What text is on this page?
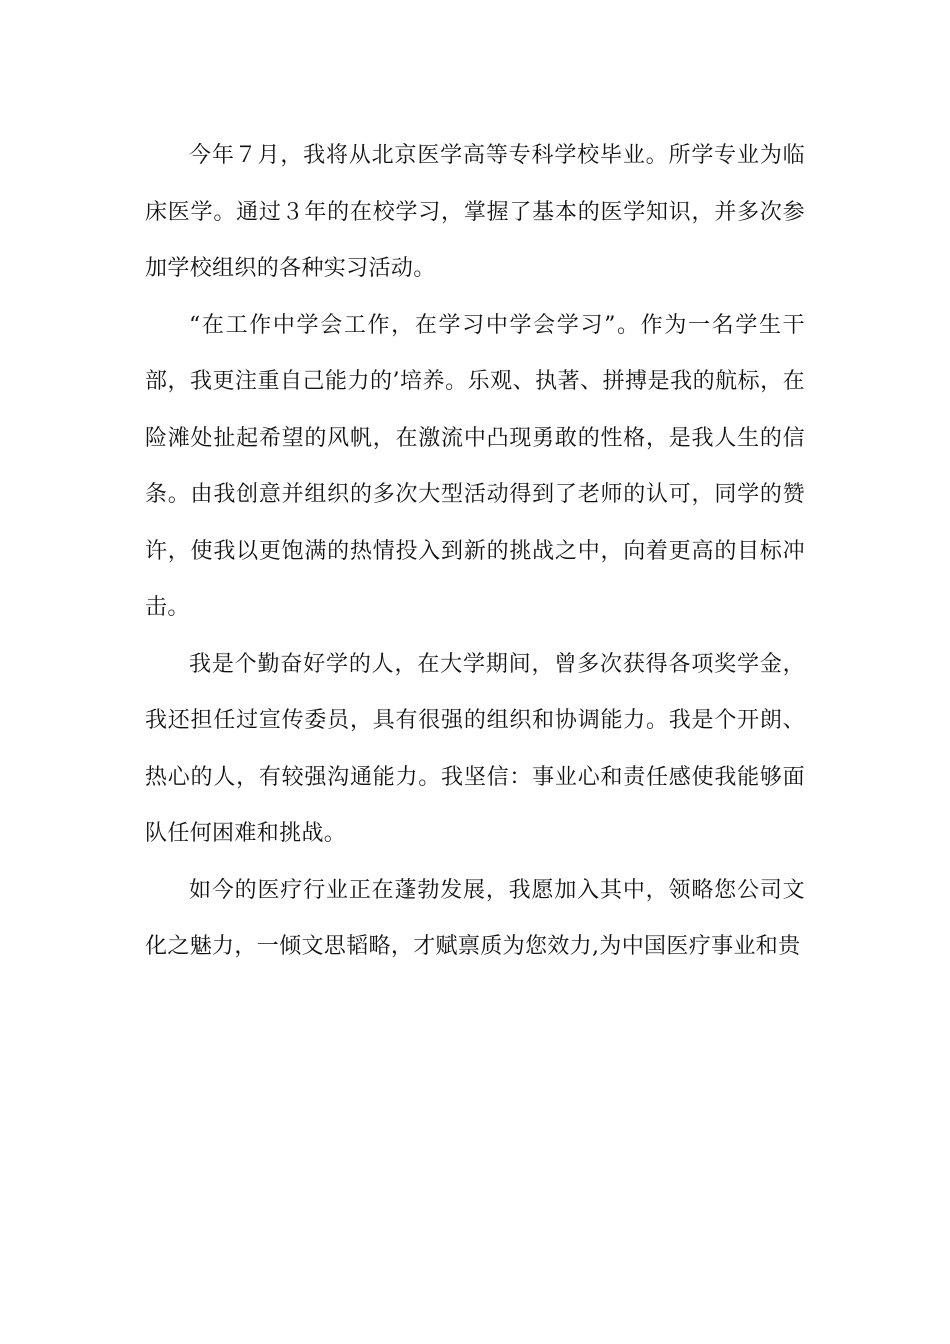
今年７月，我将从北京医学高等专科学校毕业。所学专业为临床医学。通过３年的在校学习，掌握了基本的医学知识，并多次参加学校组织的各种实习活动。

“在工作中学会工作，在学习中学会学习”。作为一名学生干部，我更注重自己能力的’培养。乐观、执著、拼搏是我的航标，在险滩处扯起希望的风帆，在激流中凸现勇敢的性格，是我人生的信条。由我创意并组织的多次大型活动得到了老师的认可，同学的赞许，使我以更饱满的热情投入到新的挑战之中，向着更高的目标冲击。

我是个勤奋好学的人，在大学期间，曾多次获得各项奖学金，我还担任过宣传委员，具有很强的组织和协调能力。我是个开朗、热心的人，有较强沟通能力。我坚信：事业心和责任感使我能够面队任何困难和挑战。

如今的医疗行业正在蓬勃发展，我愿加入其中，领略您公司文化之魅力，一倾文思韬略，才赋禀质为您效力,为中国医疗事业和贵
